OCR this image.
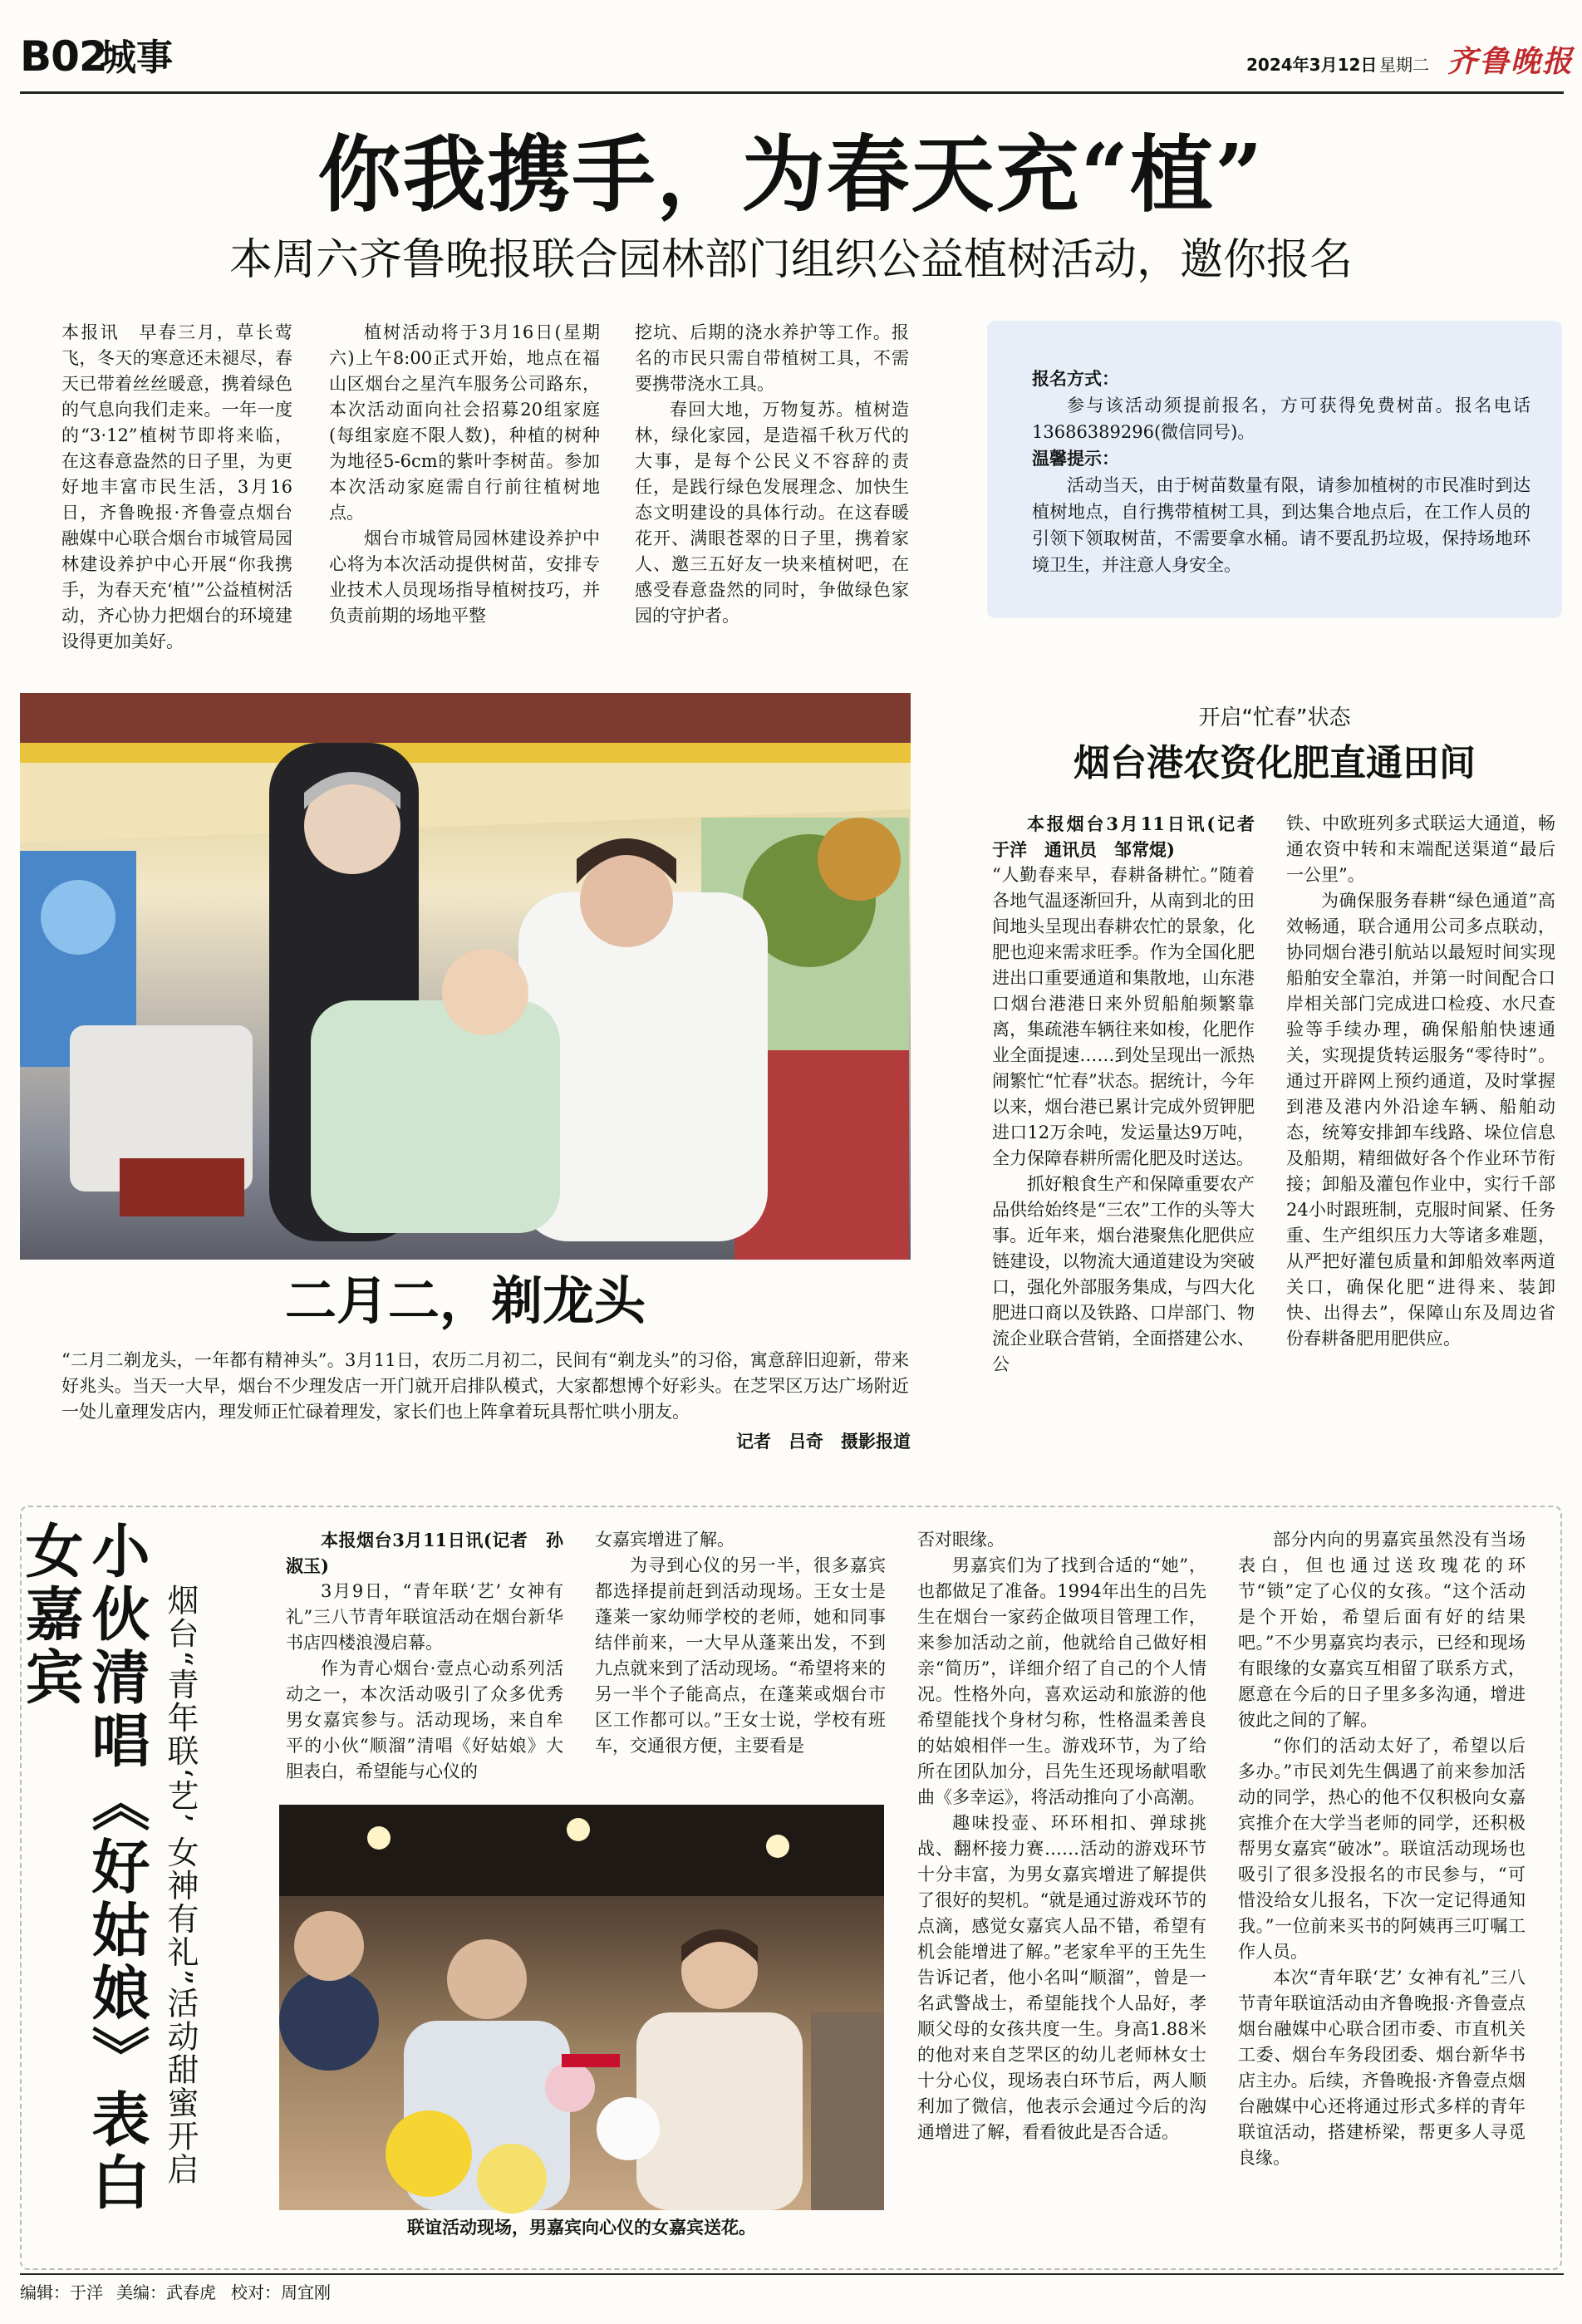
B02
城事	2024年3月12日 星期二 齐鲁晚报
你我携手，为春天充“植”
本周六齐鲁晚报联合园林部门组织公益植树活动，邀你报名

本报讯　早春三月，草长莺飞，冬天的寒意还未褪尽，春天已带着丝丝暖意，携着绿色的气息向我们走来。一年一度的“3·12”植树节即将来临，在这春意盎然的日子里，为更好地丰富市民生活，3月16日，齐鲁晚报·齐鲁壹点烟台融媒中心联合烟台市城管局园林建设养护中心开展“你我携手，为春天充‘植’”公益植树活动，齐心协力把烟台的环境建设得更加美好。

植树活动将于3月16日(星期六)上午8:00正式开始，地点在福山区烟台之星汽车服务公司路东，本次活动面向社会招募20组家庭(每组家庭不限人数)，种植的树种为地径5-6cm的紫叶李树苗。参加本次活动家庭需自行前往植树地点。

烟台市城管局园林建设养护中心将为本次活动提供树苗，安排专业技术人员现场指导植树技巧，并负责前期的场地平整

挖坑、后期的浇水养护等工作。报名的市民只需自带植树工具，不需要携带浇水工具。

春回大地，万物复苏。植树造林，绿化家园，是造福千秋万代的大事，是每个公民义不容辞的责任，是践行绿色发展理念、加快生态文明建设的具体行动。在这春暖花开、满眼苍翠的日子里，携着家人、邀三五好友一块来植树吧，在感受春意盎然的同时，争做绿色家园的守护者。

报名方式：

参与该活动须提前报名，方可获得免费树苗。报名电话13686389296(微信同号)。

温馨提示：

活动当天，由于树苗数量有限，请参加植树的市民准时到达植树地点，自行携带植树工具，到达集合地点后，在工作人员的引领下领取树苗，不需要拿水桶。请不要乱扔垃圾，保持场地环境卫生，并注意人身安全。

二月二，剃龙头

“二月二剃龙头，一年都有精神头”。3月11日，农历二月初二，民间有“剃龙头”的习俗，寓意辞旧迎新，带来好兆头。当天一大早，烟台不少理发店一开门就开启排队模式，大家都想博个好彩头。在芝罘区万达广场附近一处儿童理发店内，理发师正忙碌着理发，家长们也上阵拿着玩具帮忙哄小朋友。

记者　吕奇　摄影报道
开启“忙春”状态
烟台港农资化肥直通田间

本报烟台3月11日讯(记者　于洋　通讯员　邹常焜)

“人勤春来早，春耕备耕忙。”随着各地气温逐渐回升，从南到北的田间地头呈现出春耕农忙的景象，化肥也迎来需求旺季。作为全国化肥进出口重要通道和集散地，山东港口烟台港港日来外贸船舶频繁靠离，集疏港车辆往来如梭，化肥作业全面提速……到处呈现出一派热闹繁忙“忙春”状态。据统计，今年以来，烟台港已累计完成外贸钾肥进口12万余吨，发运量达9万吨，全力保障春耕所需化肥及时送达。

抓好粮食生产和保障重要农产品供给始终是“三农”工作的头等大事。近年来，烟台港聚焦化肥供应链建设，以物流大通道建设为突破口，强化外部服务集成，与四大化肥进口商以及铁路、口岸部门、物流企业联合营销，全面搭建公水、公

铁、中欧班列多式联运大通道，畅通农资中转和末端配送渠道“最后一公里”。

为确保服务春耕“绿色通道”高效畅通，联合通用公司多点联动，协同烟台港引航站以最短时间实现船舶安全靠泊，并第一时间配合口岸相关部门完成进口检疫、水尺查验等手续办理，确保船舶快速通关，实现提货转运服务“零待时”。通过开辟网上预约通道，及时掌握到港及港内外沿途车辆、船舶动态，统筹安排卸车线路、垛位信息及船期，精细做好各个作业环节衔接；卸船及灌包作业中，实行千部24小时跟班制，克服时间紧、任务重、生产组织压力大等诸多难题，从严把好灌包质量和卸船效率两道关口，确保化肥“进得来、装卸快、出得去”，保障山东及周边省份春耕备肥用肥供应。

小伙清唱《好姑娘》表白女嘉宾	烟台“青年联‘艺’ 女神有礼”活动甜蜜开启

本报烟台3月11日讯(记者　孙淑玉)

3月9日，“青年联‘艺’ 女神有礼”三八节青年联谊活动在烟台新华书店四楼浪漫启幕。

作为青心烟台·壹点心动系列活动之一，本次活动吸引了众多优秀男女嘉宾参与。活动现场，来自牟平的小伙“顺溜”清唱《好姑娘》大胆表白，希望能与心仪的

女嘉宾增进了解。

为寻到心仪的另一半，很多嘉宾都选择提前赶到活动现场。王女士是蓬莱一家幼师学校的老师，她和同事结伴前来，一大早从蓬莱出发，不到九点就来到了活动现场。“希望将来的另一半个子能高点，在蓬莱或烟台市区工作都可以。”王女士说，学校有班车，交通很方便，主要看是

联谊活动现场，男嘉宾向心仪的女嘉宾送花。

否对眼缘。

男嘉宾们为了找到合适的“她”，也都做足了准备。1994年出生的吕先生在烟台一家药企做项目管理工作，来参加活动之前，他就给自己做好相亲“简历”，详细介绍了自己的个人情况。性格外向，喜欢运动和旅游的他希望能找个身材匀称，性格温柔善良的姑娘相伴一生。游戏环节，为了给所在团队加分，吕先生还现场献唱歌曲《多幸运》，将活动推向了小高潮。

趣味投壶、环环相扣、弹球挑战、翻杯接力赛……活动的游戏环节十分丰富，为男女嘉宾增进了解提供了很好的契机。“就是通过游戏环节的点滴，感觉女嘉宾人品不错，希望有机会能增进了解。”老家牟平的王先生告诉记者，他小名叫“顺溜”，曾是一名武警战士，希望能找个人品好，孝顺父母的女孩共度一生。身高1.88米的他对来自芝罘区的幼儿老师林女士十分心仪，现场表白环节后，两人顺利加了微信，他表示会通过今后的沟通增进了解，看看彼此是否合适。

部分内向的男嘉宾虽然没有当场表白，但也通过送玫瑰花的环节“锁”定了心仪的女孩。“这个活动是个开始，希望后面有好的结果吧。”不少男嘉宾均表示，已经和现场有眼缘的女嘉宾互相留了联系方式，愿意在今后的日子里多多沟通，增进彼此之间的了解。

“你们的活动太好了，希望以后多办。”市民刘先生偶遇了前来参加活动的同学，热心的他不仅积极向女嘉宾推介在大学当老师的同学，还积极帮男女嘉宾“破冰”。联谊活动现场也吸引了很多没报名的市民参与，“可惜没给女儿报名，下次一定记得通知我。”一位前来买书的阿姨再三叮嘱工作人员。

本次“青年联‘艺’ 女神有礼”三八节青年联谊活动由齐鲁晚报·齐鲁壹点烟台融媒中心联合团市委、市直机关工委、烟台车务段团委、烟台新华书店主办。后续，齐鲁晚报·齐鲁壹点烟台融媒中心还将通过形式多样的青年联谊活动，搭建桥梁，帮更多人寻觅良缘。

编辑：于洋 美编：武春虎 校对：周宜刚
